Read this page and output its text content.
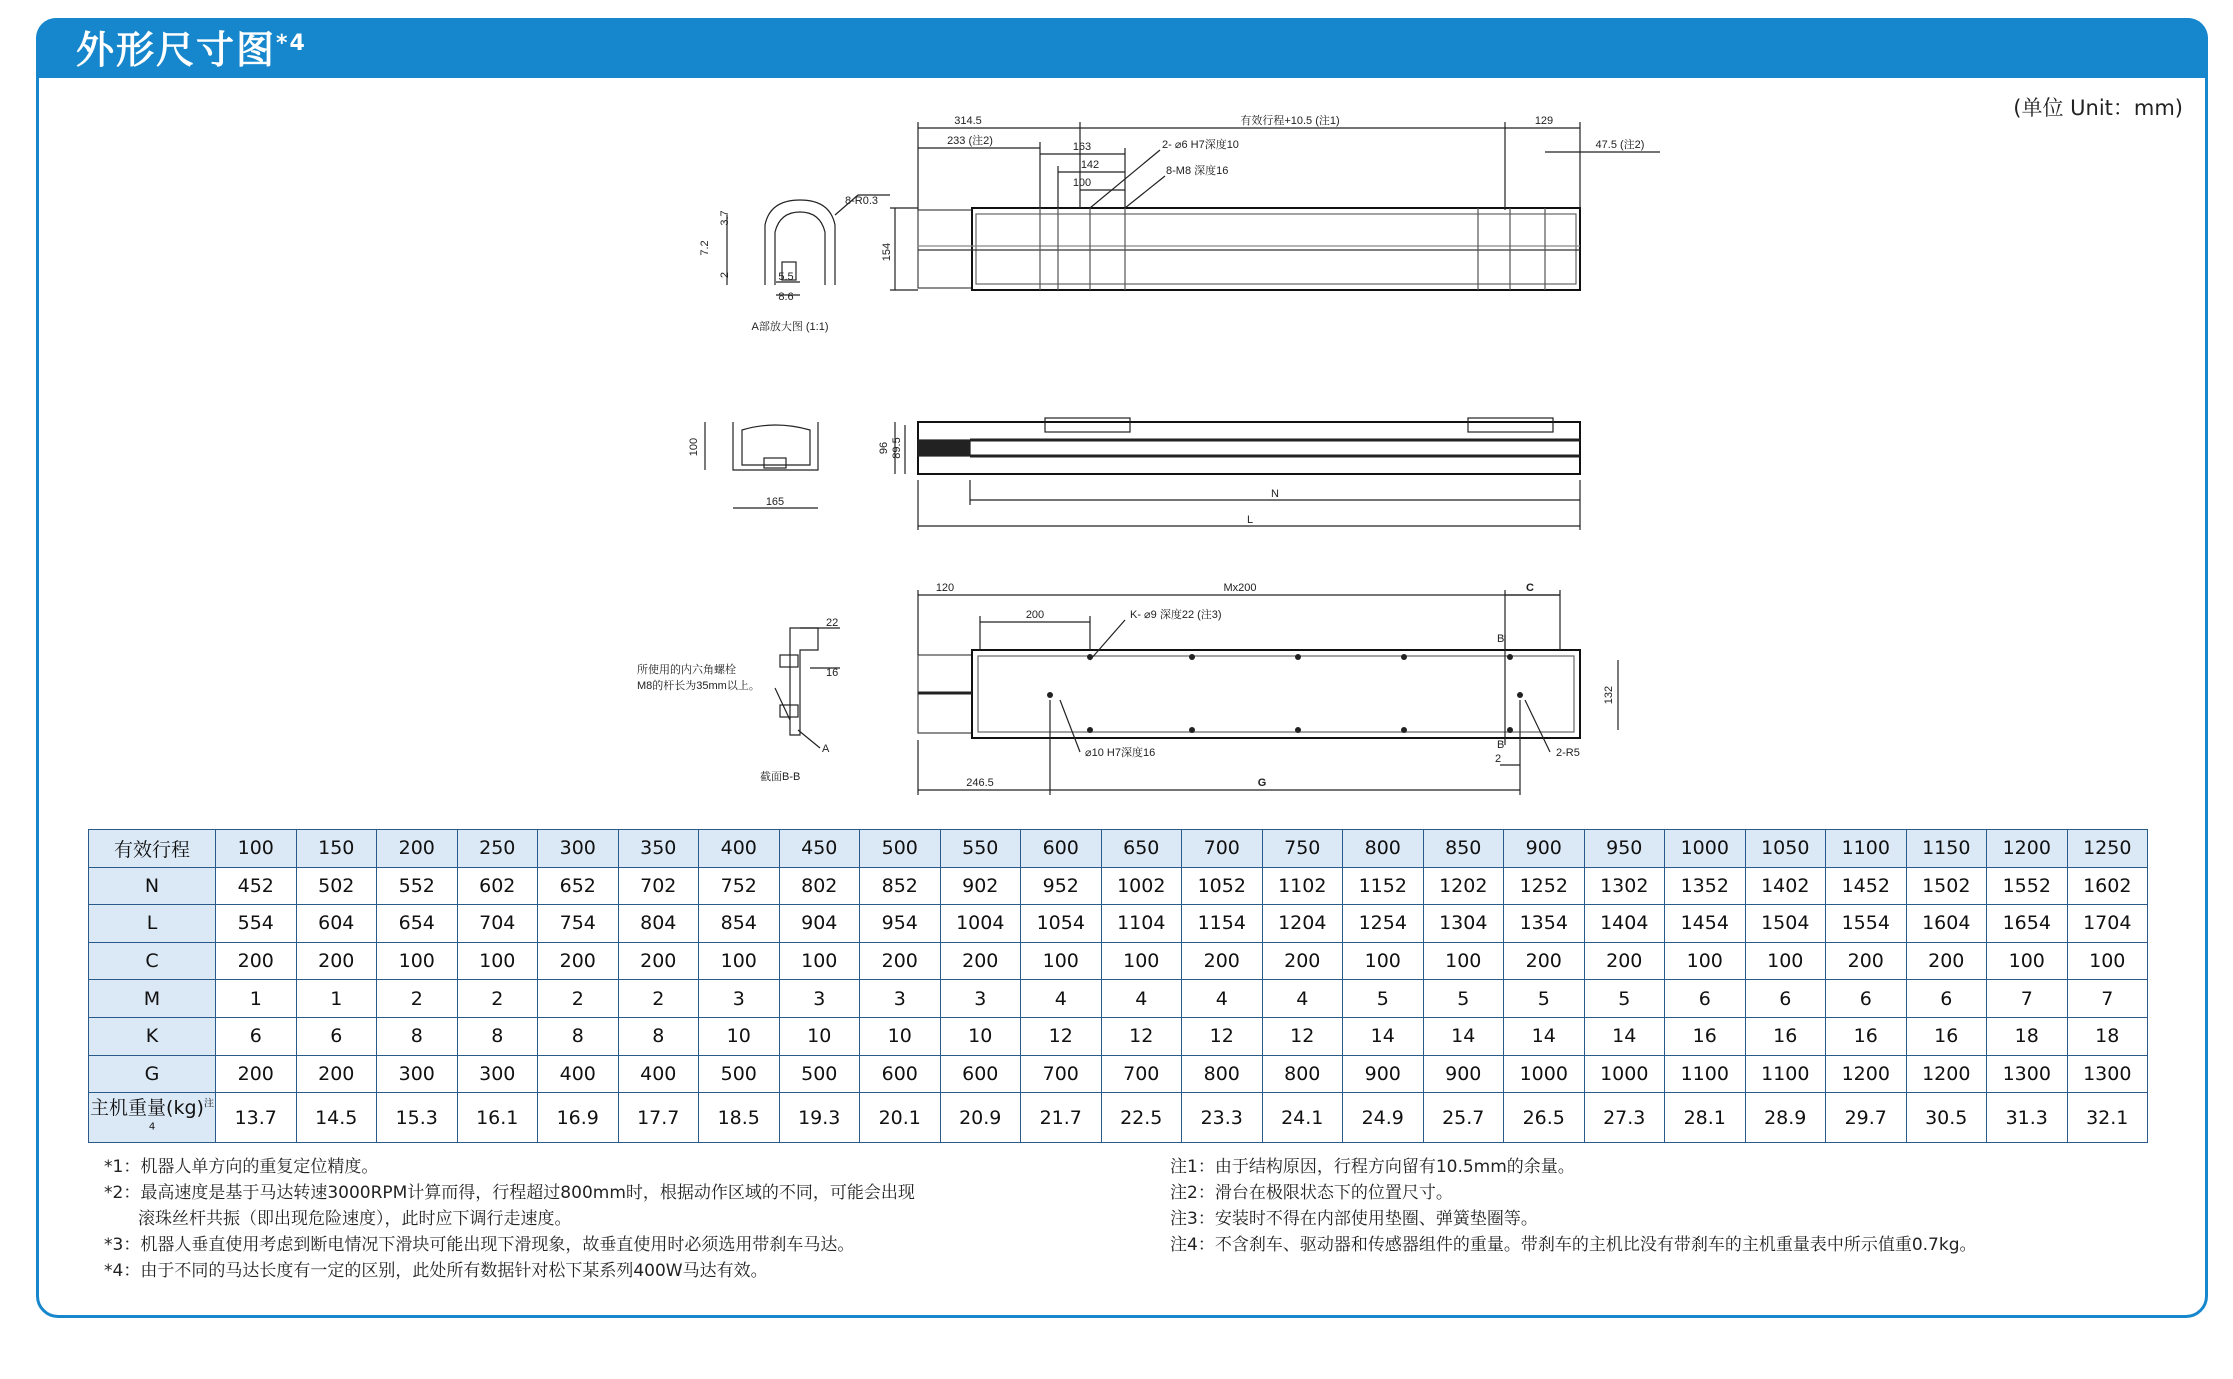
外形尺寸图$^{*4}$
(单位 Unit：mm)
314.5	有效行程+10.5 (注1)	129
233 (注2)	163	2- ⌀6 H7深度10
142	8-M8 深度16
100
47.5 (注2)
154
8-R0.3
3.7
7.2
2	5.5
8.6
A部放大图 (1:1)
100
165
96 89.5
N
L
120	Mx200	C
200	K- ⌀9 深度22 (注3)
B
B
132
⌀10 H7深度16	2-R5
2
246.5	G
22
16
所使用的内六角螺栓
M8的杆长为35mm以上。
A
截面B-B
有效行程	100	150	200	250	300	350	400	450	500	550	600	650	700	750	800	850	900	950	1000	1050	1100	1150	1200	1250
N	452	502	552	602	652	702	752	802	852	902	952	1002	1052	1102	1152	1202	1252	1302	1352	1402	1452	1502	1552	1602
L	554	604	654	704	754	804	854	904	954	1004	1054	1104	1154	1204	1254	1304	1354	1404	1454	1504	1554	1604	1654	1704
C	200	200	100	100	200	200	100	100	200	200	100	100	200	200	100	100	200	200	100	100	200	200	100	100
M	1	1	2	2	2	2	3	3	3	3	4	4	4	4	5	5	5	5	6	6	6	6	7	7
K	6	6	8	8	8	8	10	10	10	10	12	12	12	12	14	14	14	14	16	16	16	16	18	18
G	200	200	300	300	400	400	500	500	600	600	700	700	800	800	900	900	1000	1000	1100	1100	1200	1200	1300	1300
主机重量(kg)$^{注4}$	13.7	14.5	15.3	16.1	16.9	17.7	18.5	19.3	20.1	20.9	21.7	22.5	23.3	24.1	24.9	25.7	26.5	27.3	28.1	28.9	29.7	30.5	31.3	32.1
*1：机器人单方向的重复定位精度。
*2：最高速度是基于马达转速3000RPM计算而得，行程超过800mm时，根据动作区域的不同，可能会出现
滚珠丝杆共振（即出现危险速度），此时应下调行走速度。
*3：机器人垂直使用考虑到断电情况下滑块可能出现下滑现象，故垂直使用时必须选用带刹车马达。
*4：由于不同的马达长度有一定的区别，此处所有数据针对松下某系列400W马达有效。
注1：由于结构原因，行程方向留有10.5mm的余量。
注2：滑台在极限状态下的位置尺寸。
注3：安装时不得在内部使用垫圈、弹簧垫圈等。
注4：不含刹车、驱动器和传感器组件的重量。带刹车的主机比没有带刹车的主机重量表中所示值重0.7kg。
